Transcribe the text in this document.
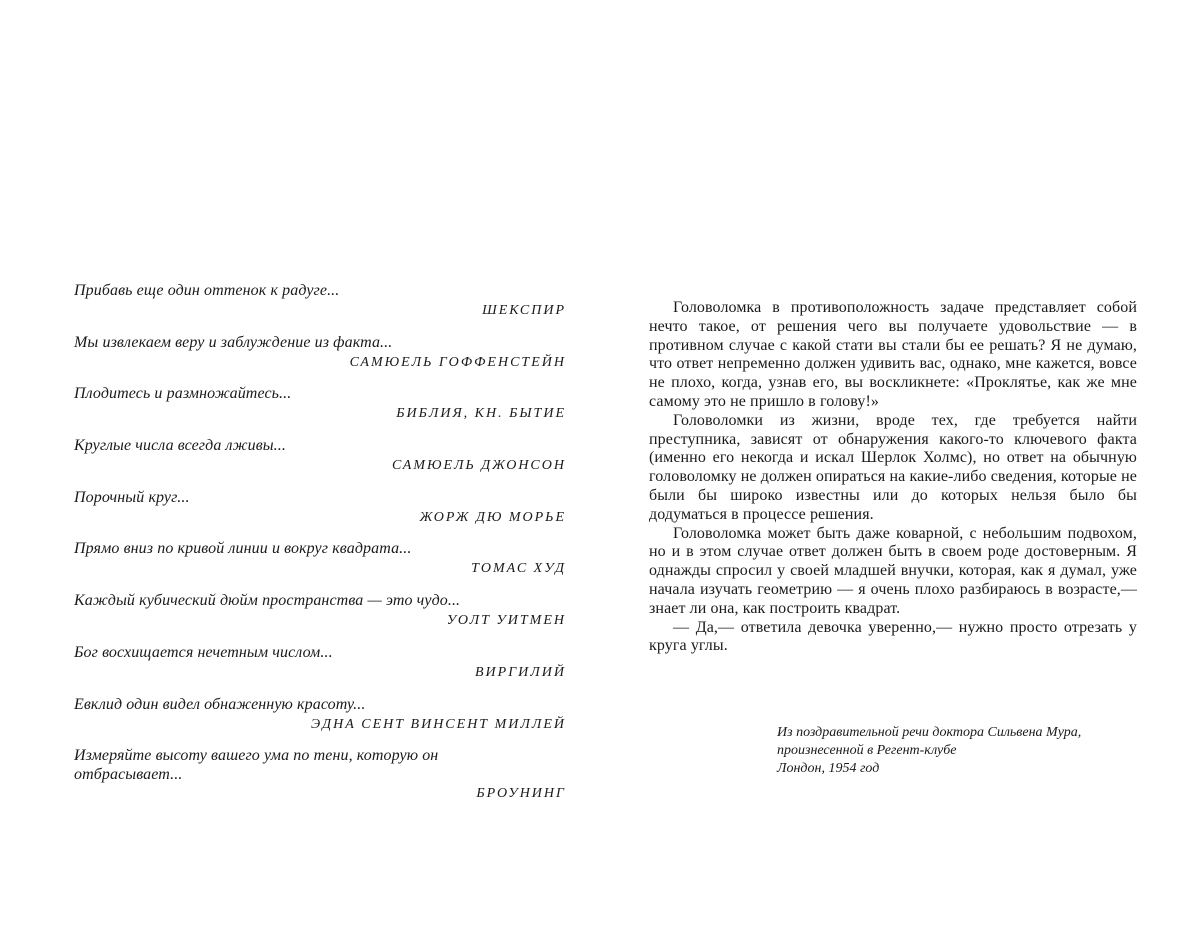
Прибавь еще один оттенок к радуге...
ШЕКСПИР
Мы извлекаем веру и заблуждение из факта...
САМЮЕЛЬ ГОФФЕНСТЕЙН
Плодитесь и размножайтесь...
БИБЛИЯ, КН. БЫТИЕ
Круглые числа всегда лживы...
САМЮЕЛЬ ДЖОНСОН
Порочный круг...
ЖОРЖ ДЮ МОРЬЕ
Прямо вниз по кривой линии и вокруг квадрата...
ТОМАС ХУД
Каждый кубический дюйм пространства — это чудо...
УОЛТ УИТМЕН
Бог восхищается нечетным числом...
ВИРГИЛИЙ
Евклид один видел обнаженную красоту...
ЭДНА СЕНТ ВИНСЕНТ МИЛЛЕЙ
Измеряйте высоту вашего ума по тени, которую он отбрасывает...
БРОУНИНГ

Головоломка в противоположность задаче представляет собой нечто такое, от решения чего вы получаете удовольствие — в противном случае с какой стати вы стали бы ее решать? Я не думаю, что ответ непременно должен удивить вас, однако, мне кажется, вовсе не плохо, когда, узнав его, вы воскликнете: «Проклятье, как же мне самому это не пришло в голову!»

Головоломки из жизни, вроде тех, где требуется найти преступника, зависят от обнаружения какого-то ключевого факта (именно его некогда и искал Шерлок Холмс), но ответ на обычную головоломку не должен опираться на какие-либо сведения, которые не были бы широко известны или до которых нельзя было бы додуматься в процессе решения.

Головоломка может быть даже коварной, с небольшим подвохом, но и в этом случае ответ должен быть в своем роде достоверным. Я однажды спросил у своей младшей внучки, которая, как я думал, уже начала изучать геометрию — я очень плохо разбираюсь в возрасте,— знает ли она, как построить квадрат.

— Да,— ответила девочка уверенно,— нужно просто отрезать у круга углы.

Из поздравительной речи доктора Сильвена Мура,
произнесенной в Регент-клубе
Лондон, 1954 год
